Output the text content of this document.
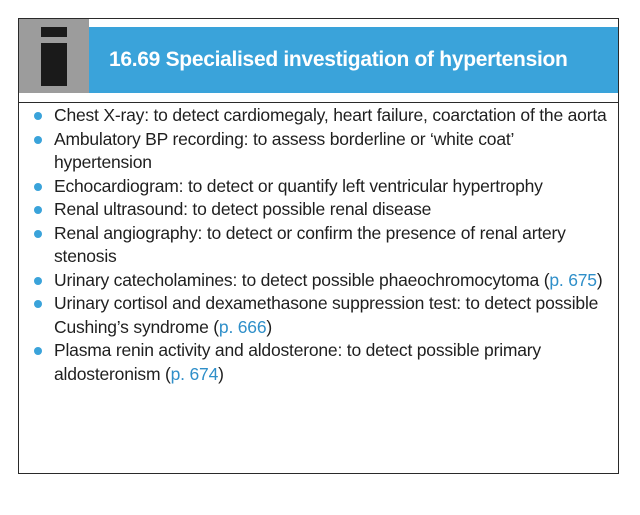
16.69 Specialised investigation of hypertension
Chest X-ray: to detect cardiomegaly, heart failure, coarctation of the aorta
Ambulatory BP recording: to assess borderline or ‘white coat’ hypertension
Echocardiogram: to detect or quantify left ventricular hypertrophy
Renal ultrasound: to detect possible renal disease
Renal angiography: to detect or confirm the presence of renal artery stenosis
Urinary catecholamines: to detect possible phaeochromocytoma (p. 675)
Urinary cortisol and dexamethasone suppression test: to detect possible Cushing’s syndrome (p. 666)
Plasma renin activity and aldosterone: to detect possible primary aldosteronism (p. 674)
